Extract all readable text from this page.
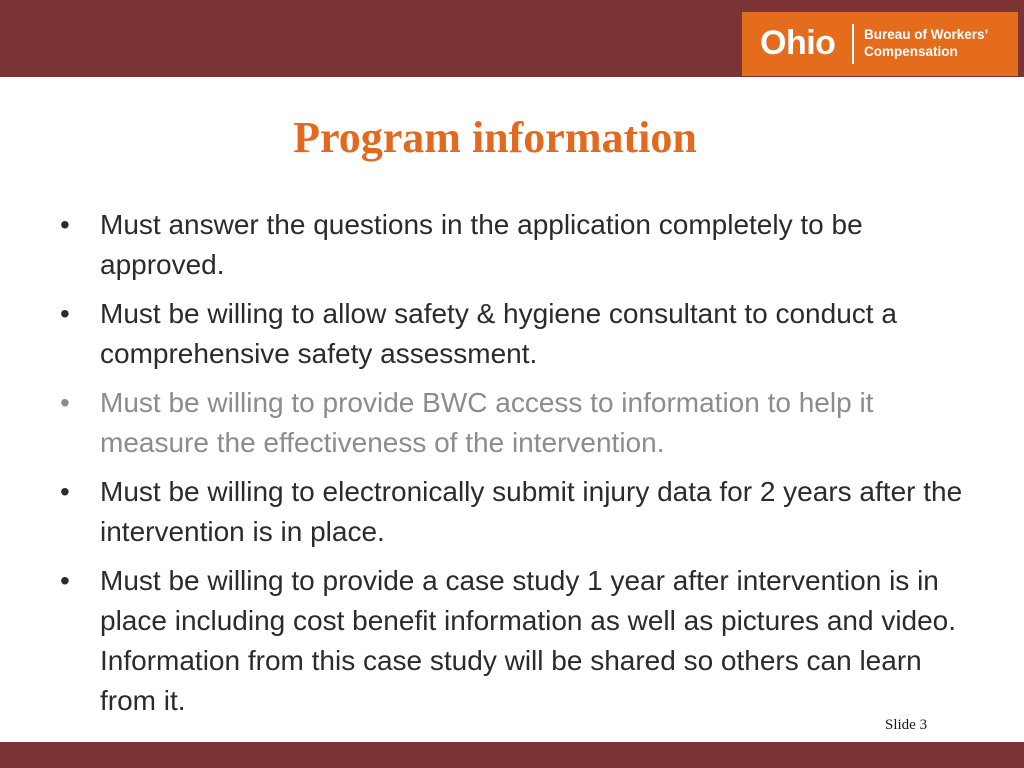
Ohio Bureau of Workers’
Compensation
Program information
• Must answer the questions in the application completely to be approved.
• Must be willing to allow safety & hygiene consultant to conduct a comprehensive safety assessment.
• Must be willing to provide BWC access to information to help it measure the effectiveness of the intervention.
• Must be willing to electronically submit injury data for 2 years after the intervention is in place.
• Must be willing to provide a case study 1 year after intervention is in place including cost benefit information as well as pictures and video. Information from this case study will be shared so others can learn from it.
Slide 3
